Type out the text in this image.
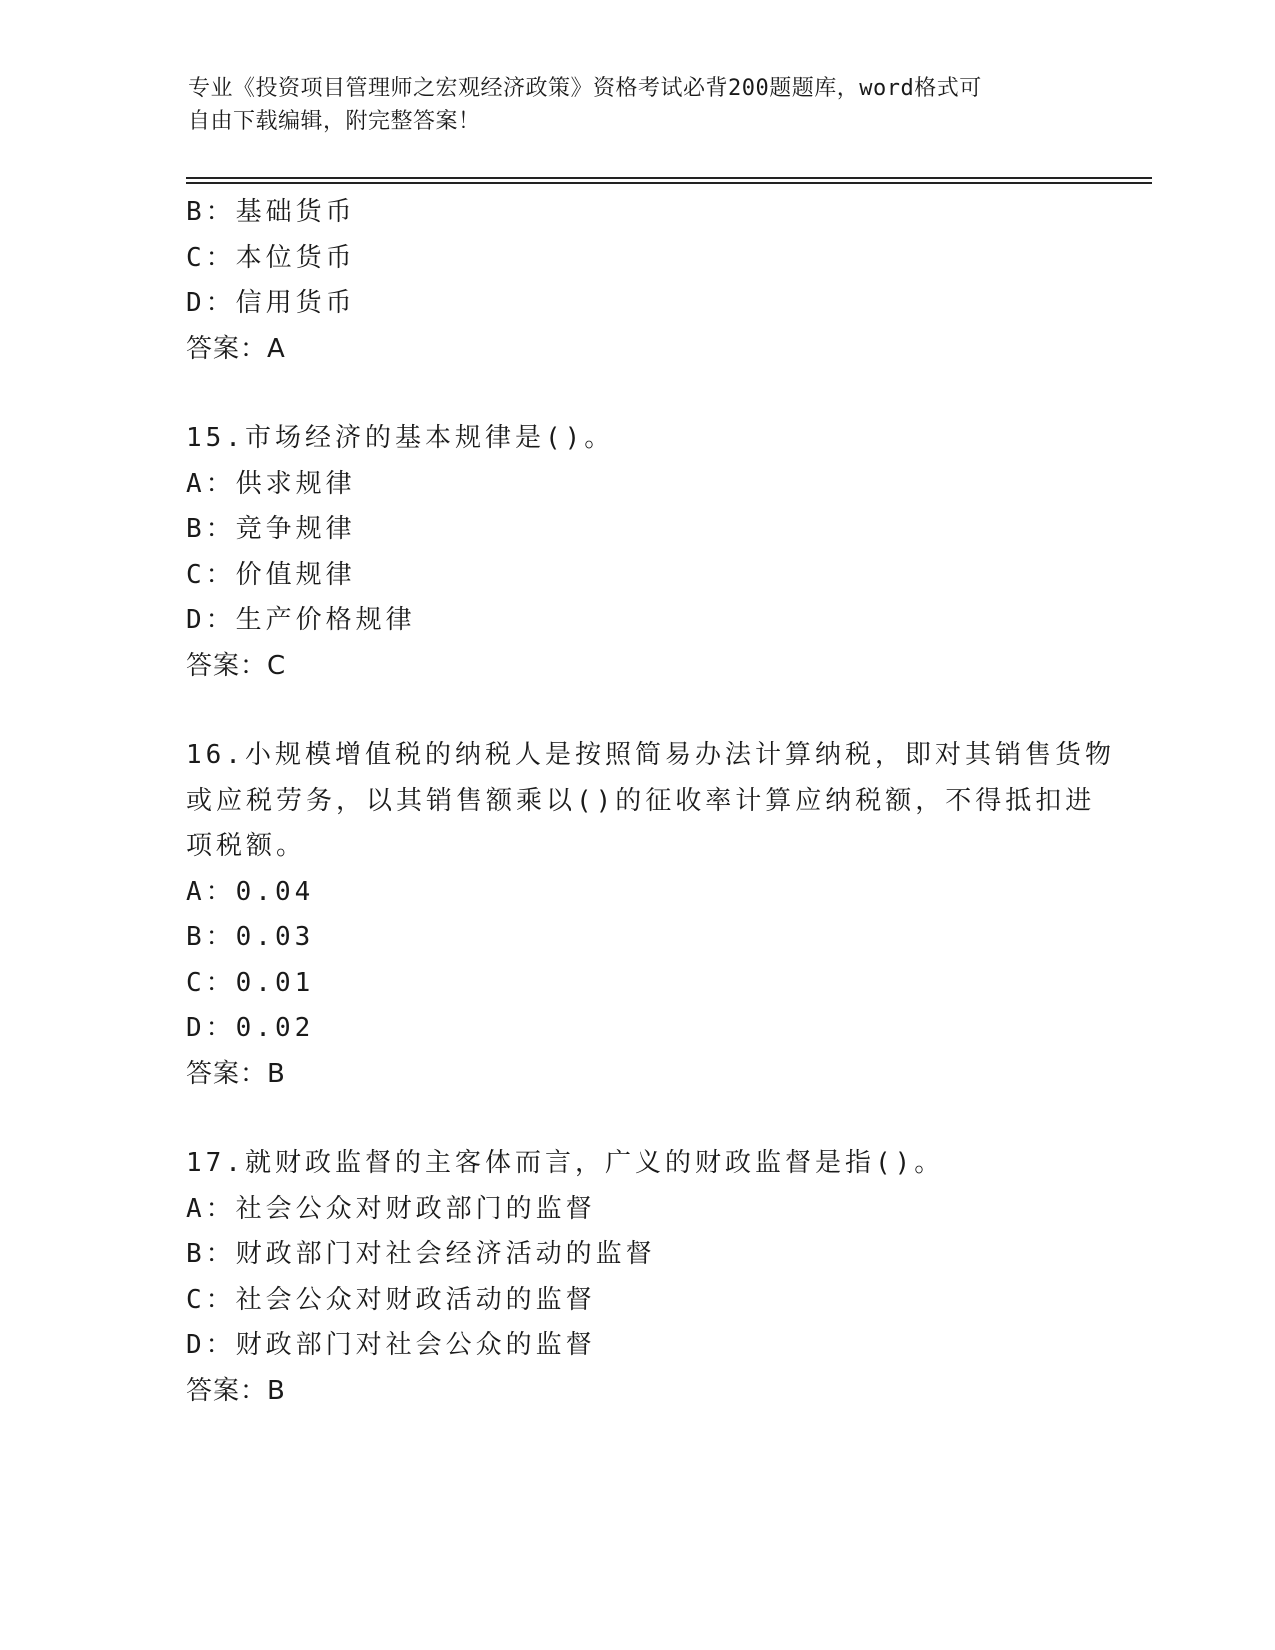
专业《投资项目管理师之宏观经济政策》资格考试必背200题题库，word格式可
自由下载编辑，附完整答案！
B：基础货币
C：本位货币
D：信用货币
答案：A
15.市场经济的基本规律是()。
A：供求规律
B：竞争规律
C：价值规律
D：生产价格规律
答案：C
16.小规模增值税的纳税人是按照简易办法计算纳税，即对其销售货物
或应税劳务，以其销售额乘以()的征收率计算应纳税额，不得抵扣进
项税额。
A：0.04
B：0.03
C：0.01
D：0.02
答案：B
17.就财政监督的主客体而言，广义的财政监督是指()。
A：社会公众对财政部门的监督
B：财政部门对社会经济活动的监督
C：社会公众对财政活动的监督
D：财政部门对社会公众的监督
答案：B
